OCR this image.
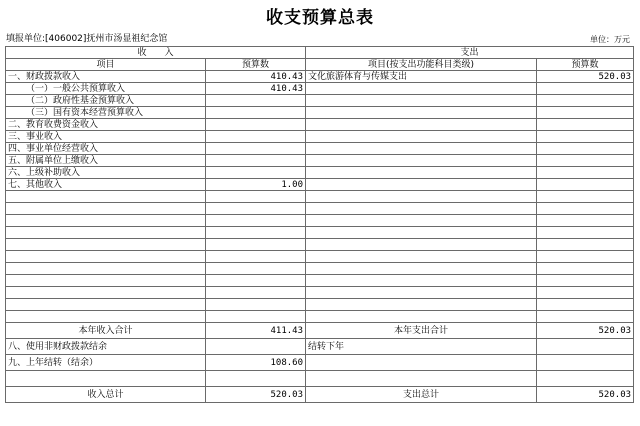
收支预算总表
填报单位:[406002]抚州市汤显祖纪念馆	单位：万元
收　　入		支出	
项目	预算数	项目(按支出功能科目类级)	预算数
一、财政拨款收入	410.43	文化旅游体育与传媒支出	520.03
（一）一般公共预算收入	410.43		
（二）政府性基金预算收入			
（三）国有资本经营预算收入			
二、教育收费资金收入			
三、事业收入			
四、事业单位经营收入			
五、附属单位上缴收入			
六、上级补助收入			
七、其他收入	1.00		

本年收入合计	411.43	本年支出合计	520.03
八、使用非财政拨款结余		结转下年	
九、上年结转（结余）	108.60		

收入总计	520.03	支出总计	520.03
